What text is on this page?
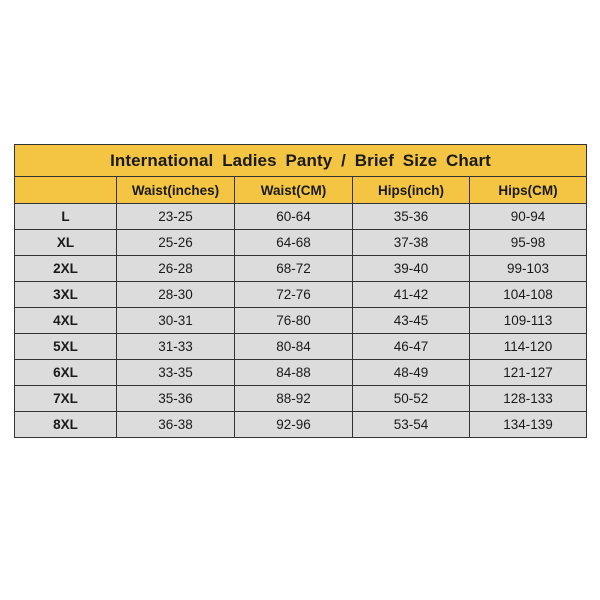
International Ladies Panty / Brief Size Chart				
	Waist(inches)	Waist(CM)	Hips(inch)	Hips(CM)
L	23-25	60-64	35-36	90-94
XL	25-26	64-68	37-38	95-98
2XL	26-28	68-72	39-40	99-103
3XL	28-30	72-76	41-42	104-108
4XL	30-31	76-80	43-45	109-113
5XL	31-33	80-84	46-47	114-120
6XL	33-35	84-88	48-49	121-127
7XL	35-36	88-92	50-52	128-133
8XL	36-38	92-96	53-54	134-139
